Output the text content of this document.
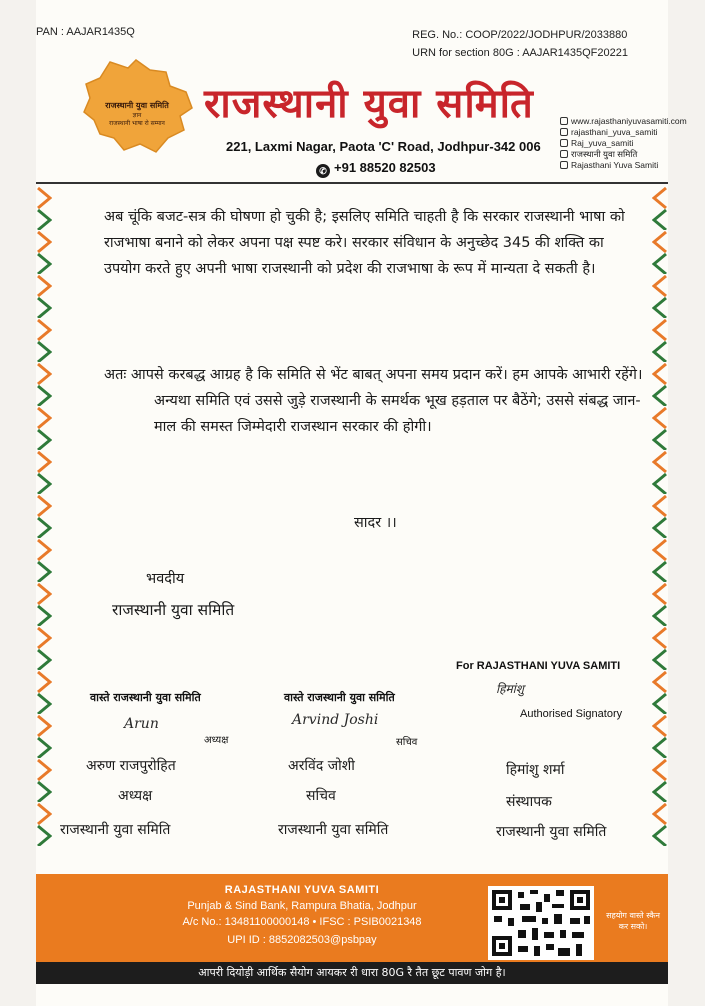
PAN : AAJAR1435Q	REG. No.: COOP/2022/JODHPUR/2033880
URN for section 80G : AAJAR1435QF20221
राजस्थानी युवा समिति
ज्ञान
राजस्थानी भाषा रो सम्मान राजस्थानी युवा समिति
221, Laxmi Nagar, Paota 'C' Road, Jodhpur-342 006
✆ +91 88520 82503
www.rajasthaniyuvasamiti.com
rajasthani_yuva_samiti
Raj_yuva_samiti
राजस्थानी युवा समिति
Rajasthani Yuva Samiti
अब चूंकि बजट-सत्र की घोषणा हो चुकी है; इसलिए समिति चाहती है कि सरकार राजस्थानी भाषा को राजभाषा बनाने को लेकर अपना पक्ष स्पष्ट करे। सरकार संविधान के अनुच्छेद 345 की शक्ति का उपयोग करते हुए अपनी भाषा राजस्थानी को प्रदेश की राजभाषा के रूप में मान्यता दे सकती है।
अतः आपसे करबद्ध आग्रह है कि समिति से भेंट बाबत् अपना समय प्रदान करें। हम आपके आभारी रहेंगे। अन्यथा समिति एवं उससे जुड़े राजस्थानी के समर्थक भूख हड़ताल पर बैठेंगे; उससे संबद्ध जान-माल की समस्त जिम्मेदारी राजस्थान सरकार की होगी।
सादर ।।
भवदीय
राजस्थानी युवा समिति
For RAJASTHANI YUVA SAMITI
वास्ते राजस्थानी युवा समिति	वास्ते राजस्थानी युवा समिति
Arun	Arvind Joshi
हिमांशु
अध्यक्ष	सचिव
Authorised Signatory
अरुण राजपुरोहित
अध्यक्ष
राजस्थानी युवा समिति
अरविंद जोशी
सचिव
राजस्थानी युवा समिति
हिमांशु शर्मा
संस्थापक
राजस्थानी युवा समिति
RAJASTHANI YUVA SAMITI
Punjab & Sind Bank, Rampura Bhatia, Jodhpur
A/c No.: 13481100000148 • IFSC : PSIB0021348
UPI ID : 8852082503@psbpay
सहयोग वास्ते स्कैन कर सको।
आपरी दियोड़ी आर्थिक सैयोग आयकर री धारा 80G रै तैत छूट पावण जोग है।
